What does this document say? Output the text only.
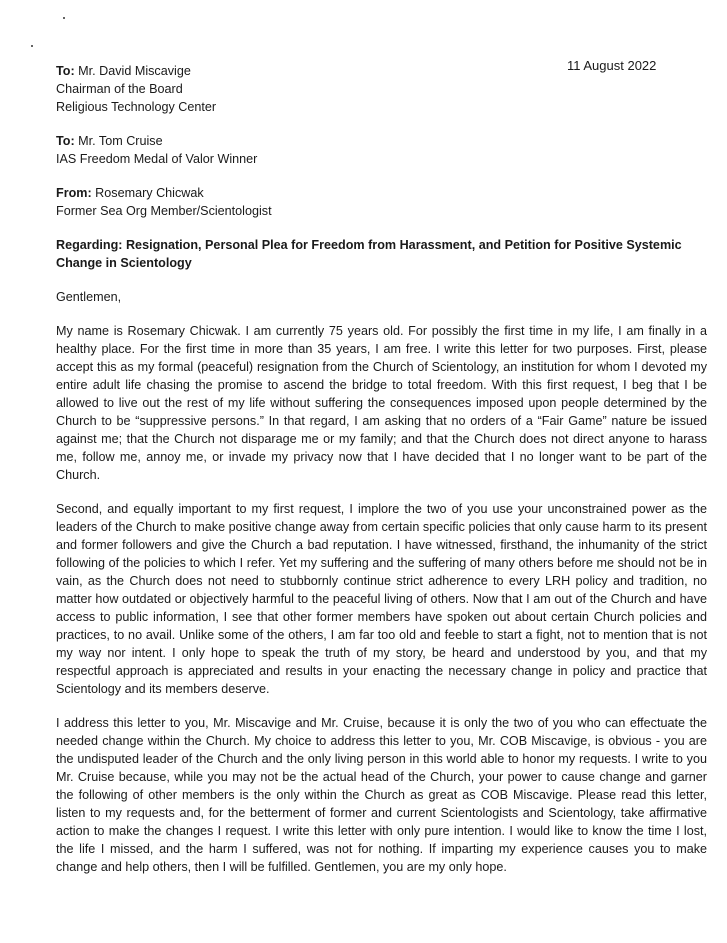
11 August 2022

To: Mr. David Miscavige

Chairman of the Board

Religious Technology Center

To: Mr. Tom Cruise

IAS Freedom Medal of Valor Winner

From: Rosemary Chicwak

Former Sea Org Member/Scientologist

Regarding: Resignation, Personal Plea for Freedom from Harassment, and Petition for Positive Systemic Change in Scientology

Gentlemen,

My name is Rosemary Chicwak. I am currently 75 years old. For possibly the first time in my life, I am finally in a healthy place. For the first time in more than 35 years, I am free. I write this letter for two purposes. First, please accept this as my formal (peaceful) resignation from the Church of Scientology, an institution for whom I devoted my entire adult life chasing the promise to ascend the bridge to total freedom. With this first request, I beg that I be allowed to live out the rest of my life without suffering the consequences imposed upon people determined by the Church to be “suppressive persons.” In that regard, I am asking that no orders of a “Fair Game” nature be issued against me; that the Church not disparage me or my family; and that the Church does not direct anyone to harass me, follow me, annoy me, or invade my privacy now that I have decided that I no longer want to be part of the Church.

Second, and equally important to my first request, I implore the two of you use your unconstrained power as the leaders of the Church to make positive change away from certain specific policies that only cause harm to its present and former followers and give the Church a bad reputation. I have witnessed, firsthand, the inhumanity of the strict following of the policies to which I refer. Yet my suffering and the suffering of many others before me should not be in vain, as the Church does not need to stubbornly continue strict adherence to every LRH policy and tradition, no matter how outdated or objectively harmful to the peaceful living of others. Now that I am out of the Church and have access to public information, I see that other former members have spoken out about certain Church policies and practices, to no avail. Unlike some of the others, I am far too old and feeble to start a fight, not to mention that is not my way nor intent. I only hope to speak the truth of my story, be heard and understood by you, and that my respectful approach is appreciated and results in your enacting the necessary change in policy and practice that Scientology and its members deserve.

I address this letter to you, Mr. Miscavige and Mr. Cruise, because it is only the two of you who can effectuate the needed change within the Church. My choice to address this letter to you, Mr. COB Miscavige, is obvious - you are the undisputed leader of the Church and the only living person in this world able to honor my requests. I write to you Mr. Cruise because, while you may not be the actual head of the Church, your power to cause change and garner the following of other members is the only within the Church as great as COB Miscavige. Please read this letter, listen to my requests and, for the betterment of former and current Scientologists and Scientology, take affirmative action to make the changes I request. I write this letter with only pure intention. I would like to know the time I lost, the life I missed, and the harm I suffered, was not for nothing. If imparting my experience causes you to make change and help others, then I will be fulfilled. Gentlemen, you are my only hope.
